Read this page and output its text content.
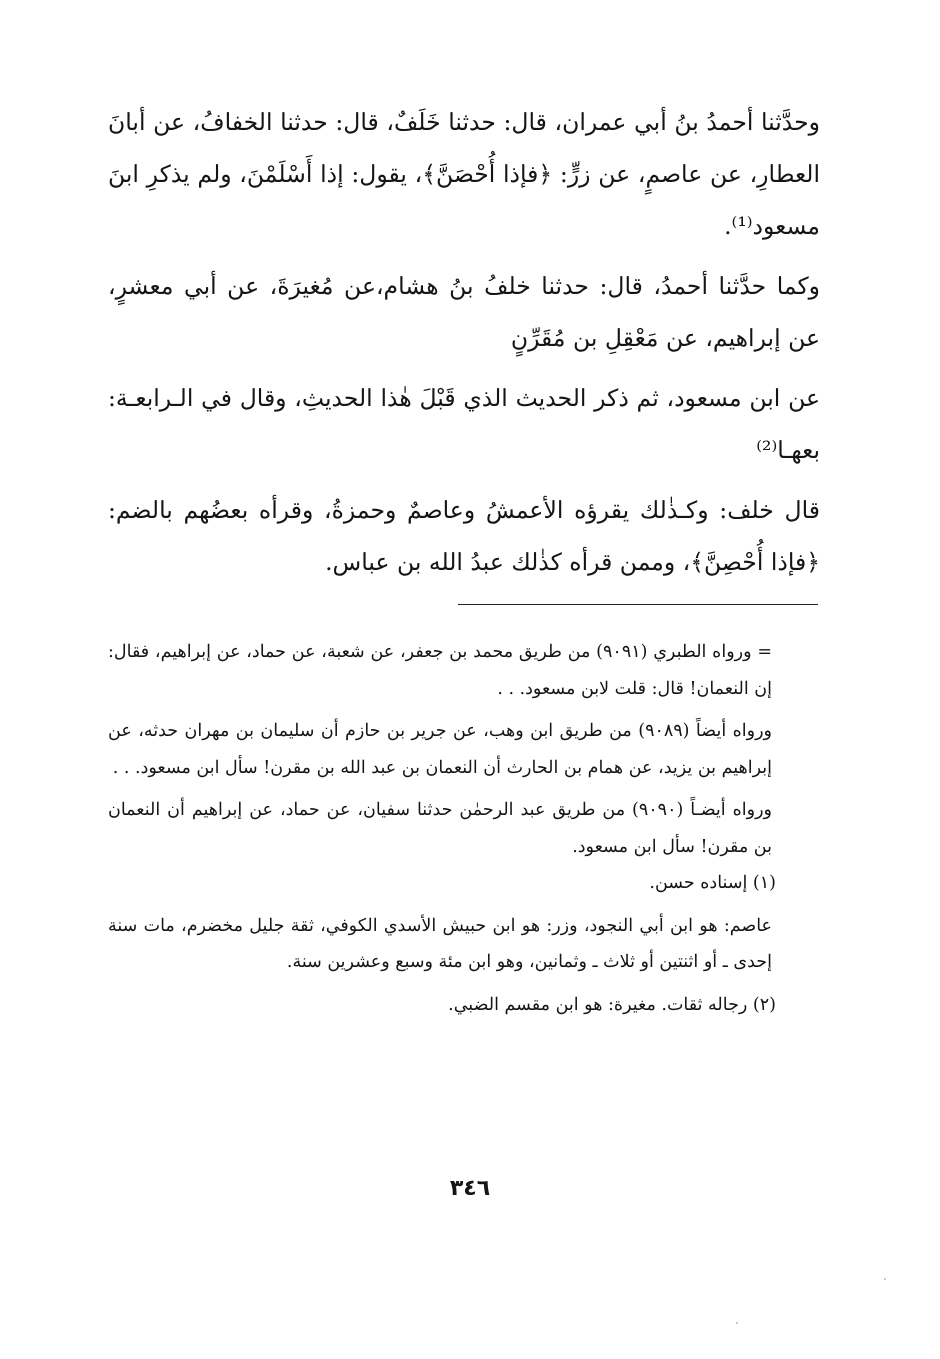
وحدَّثنا أحمدُ بنُ أبي عمران، قال: حدثنا خَلَفٌ، قال: حدثنا الخفافُ، عن أبانَ العطارِ، عن عاصمٍ، عن زرٍّ: ﴿فإذا أُحْصَنَّ﴾، يقول: إذا أَسْلَمْنَ، ولم يذكرِ ابنَ مسعود⁽¹⁾.

وكما حدَّثنا أحمدُ، قال: حدثنا خلفُ بنُ هشام،عن مُغيرَةَ، عن أبي معشرٍ، عن إبراهيم، عن مَعْقِلِ بن مُقَرِّنٍ

عن ابن مسعود، ثم ذكر الحديث الذي قَبْلَ هٰذا الحديثِ، وقال في الـرابعـة: بعهـا⁽²⁾

قال خلف: وكـذٰلك يقرؤه الأعمشُ وعاصمٌ وحمزةُ، وقرأه بعضُهم بالضم: ﴿فإذا أُحْصِنَّ﴾، وممن قرأه كذٰلك عبدُ الله بن عباس.

= ورواه الطبري (٩٠٩١) من طريق محمد بن جعفر، عن شعبة، عن حماد، عن إبراهيم، فقال: إن النعمان! قال: قلت لابن مسعود. . .

ورواه أيضاً (٩٠٨٩) من طريق ابن وهب، عن جرير بن حازم أن سليمان بن مهران حدثه، عن إبراهيم بن يزيد، عن همام بن الحارث أن النعمان بن عبد الله بن مقرن! سأل ابن مسعود. . .

ورواه أيضـاً (٩٠٩٠) من طريق عبد الرحمٰن حدثنا سفيان، عن حماد، عن إبراهيم أن النعمان بن مقرن! سأل ابن مسعود.

(١) إسناده حسن.

عاصم: هو ابن أبي النجود، وزر: هو ابن حبيش الأسدي الكوفي، ثقة جليل مخضرم، مات سنة إحدى ـ أو اثنتين أو ثلاث ـ وثمانين، وهو ابن مئة وسبع وعشرين سنة.

(٢) رجاله ثقات. مغيرة: هو ابن مقسم الضبي.

٣٤٦
